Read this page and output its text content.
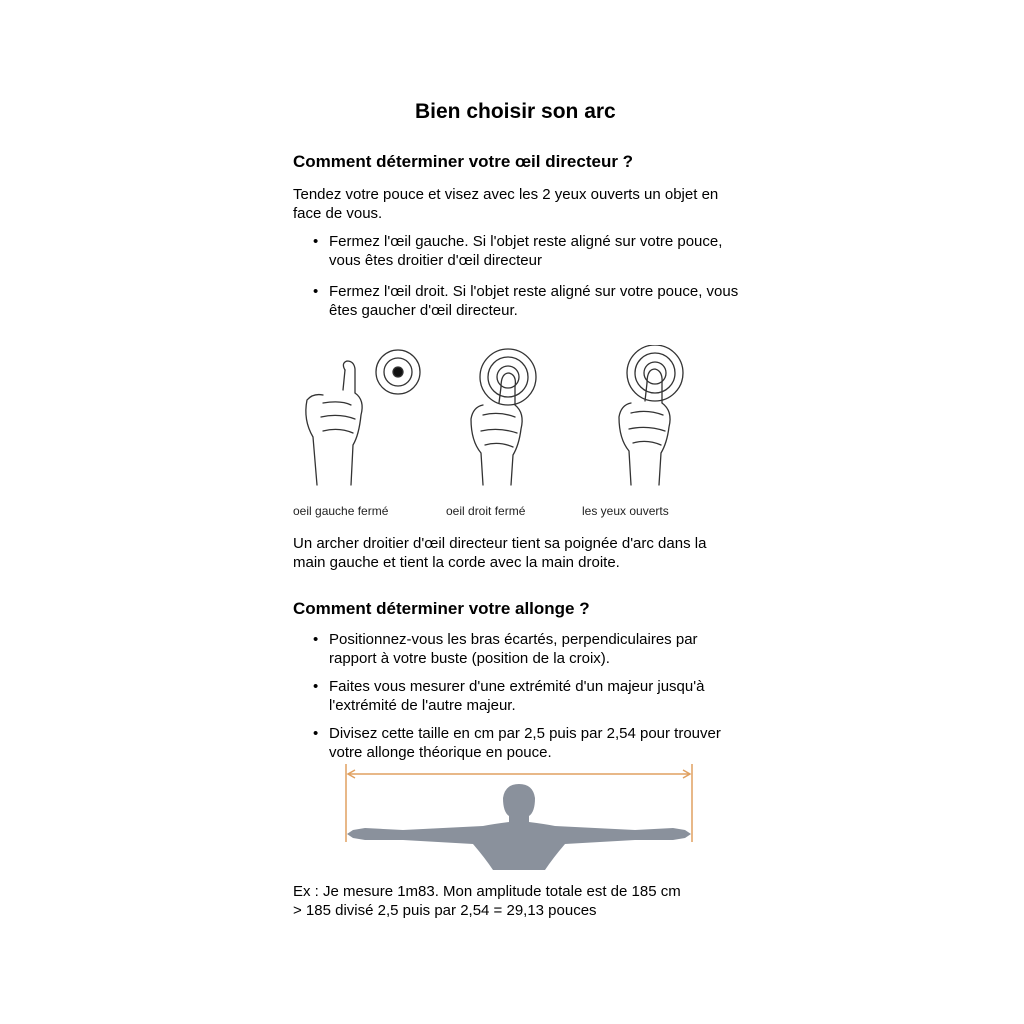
Bien choisir son arc
Comment déterminer votre œil directeur ?

Tendez votre pouce et visez avec les 2 yeux ouverts un objet en face de vous.

• Fermez l'œil gauche. Si l'objet reste aligné sur votre pouce, vous êtes droitier d'œil directeur
• Fermez l'œil droit. Si l'objet reste aligné sur votre pouce, vous êtes gaucher d'œil directeur.
oeil gauche fermé	oeil droit fermé	les yeux ouverts

Un archer droitier d'œil directeur tient sa poignée d'arc dans la main gauche et tient la corde avec la main droite.

Comment déterminer votre allonge ?
• Positionnez-vous les bras écartés, perpendiculaires par rapport à votre buste (position de la croix).
• Faites vous mesurer d'une extrémité d'un majeur jusqu'à l'extrémité de l'autre majeur.
• Divisez cette taille en cm par 2,5 puis par 2,54 pour trouver votre allonge théorique en pouce.

Ex : Je mesure 1m83. Mon amplitude totale est de 185 cm

> 185 divisé 2,5 puis par 2,54 = 29,13 pouces
